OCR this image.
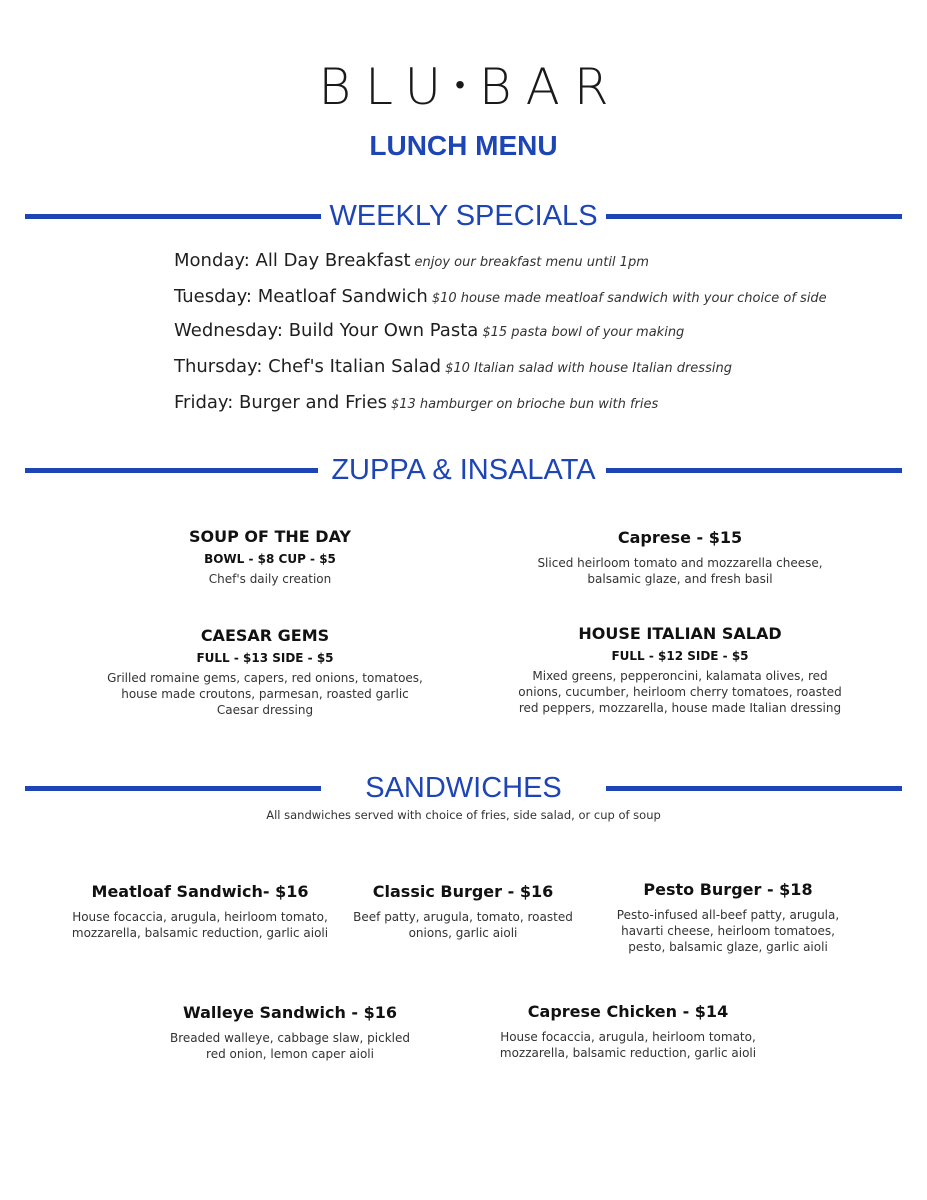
BLU•BAR
LUNCH MENU
WEEKLY SPECIALS
Monday: All Day Breakfast enjoy our breakfast menu until 1pm
Tuesday: Meatloaf Sandwich $10 house made meatloaf sandwich with your choice of side
Wednesday: Build Your Own Pasta $15 pasta bowl of your making
Thursday: Chef's Italian Salad $10 Italian salad with house Italian dressing
Friday: Burger and Fries $13 hamburger on brioche bun with fries
ZUPPA & INSALATA
SOUP OF THE DAY
BOWL - $8 CUP - $5
Chef's daily creation
Caprese - $15
Sliced heirloom tomato and mozzarella cheese, balsamic glaze, and fresh basil
CAESAR GEMS
FULL - $13 SIDE - $5
Grilled romaine gems, capers, red onions, tomatoes, house made croutons, parmesan, roasted garlic Caesar dressing
HOUSE ITALIAN SALAD
FULL - $12 SIDE - $5
Mixed greens, pepperoncini, kalamata olives, red onions, cucumber, heirloom cherry tomatoes, roasted red peppers, mozzarella, house made Italian dressing
SANDWICHES
All sandwiches served with choice of fries, side salad, or cup of soup
Meatloaf Sandwich- $16
House focaccia, arugula, heirloom tomato, mozzarella, balsamic reduction, garlic aioli
Classic Burger - $16
Beef patty, arugula, tomato, roasted onions, garlic aioli
Pesto Burger - $18
Pesto-infused all-beef patty, arugula, havarti cheese, heirloom tomatoes, pesto, balsamic glaze, garlic aioli
Walleye Sandwich - $16
Breaded walleye, cabbage slaw, pickled red onion, lemon caper aioli
Caprese Chicken - $14
House focaccia, arugula, heirloom tomato, mozzarella, balsamic reduction, garlic aioli
